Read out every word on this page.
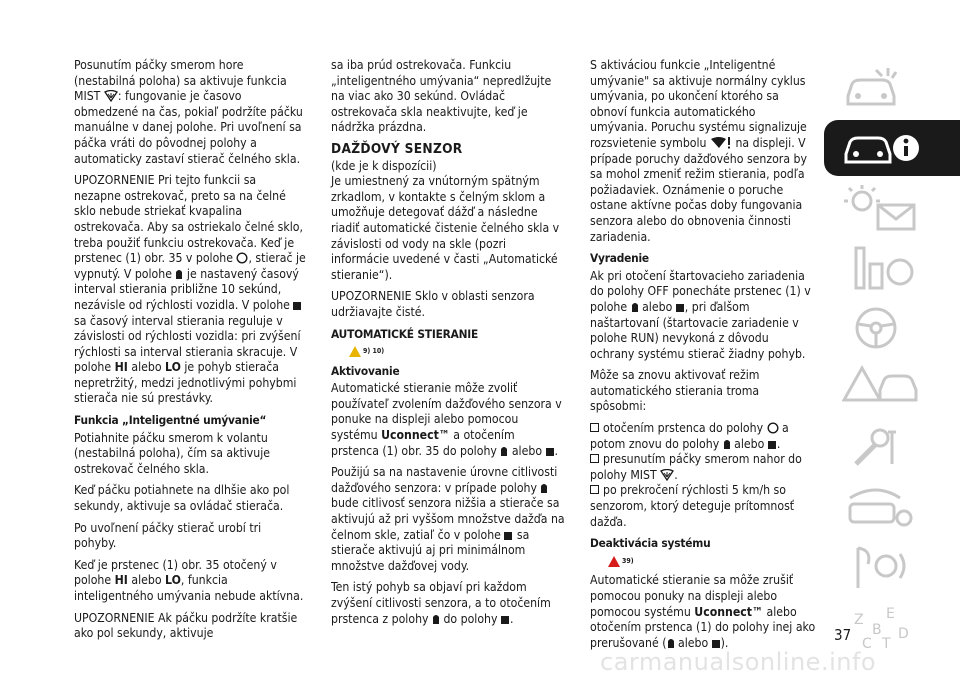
Posunutím páčky smerom hore (nestabilná poloha) sa aktivuje funkcia MIST : fungovanie je časovo obmedzené na čas, pokiaľ podržíte páčku manuálne v danej polohe. Pri uvoľnení sa páčka vráti do pôvodnej polohy a automaticky zastaví stierač čelného skla.

UPOZORNENIE Pri tejto funkcii sa nezapne ostrekovač, preto sa na čelné sklo nebude striekať kvapalina ostrekovača. Aby sa ostriekalo čelné sklo, treba použiť funkciu ostrekovača. Keď je prstenec (1) obr. 35 v polohe , stierač je vypnutý. V polohe  je nastavený časový interval stierania približne 10 sekúnd, nezávisle od rýchlosti vozidla. V polohe  sa časový interval stierania reguluje v závislosti od rýchlosti vozidla: pri zvýšení rýchlosti sa interval stierania skracuje. V polohe HI alebo LO je pohyb stierača nepretržitý, medzi jednotlivými pohybmi stierača nie sú prestávky.

Funkcia „Inteligentné umývanie“

Potiahnite páčku smerom k volantu (nestabilná poloha), čím sa aktivuje ostrekovač čelného skla.

Keď páčku potiahnete na dlhšie ako pol sekundy, aktivuje sa ovládač stierača.

Po uvoľnení páčky stierač urobí tri pohyby.

Keď je prstenec (1) obr. 35 otočený v polohe HI alebo LO, funkcia inteligentného umývania nebude aktívna.

UPOZORNENIE Ak páčku podržíte kratšie ako pol sekundy, aktivuje

sa iba prúd ostrekovača. Funkciu „inteligentného umývania“ nepredlžujte na viac ako 30 sekúnd. Ovládač ostrekovača skla neaktivujte, keď je nádržka prázdna.

DAŽĎOVÝ SENZOR

(kde je k dispozícii)

Je umiestnený za vnútorným spätným zrkadlom, v kontakte s čelným sklom a umožňuje detegovať dážď a následne riadiť automatické čistenie čelného skla v závislosti od vody na skle (pozri informácie uvedené v časti „Automatické stieranie“).

UPOZORNENIE Sklo v oblasti senzora udržiavajte čisté.

AUTOMATICKÉ STIERANIE
9) 10)
Aktivovanie

Automatické stieranie môže zvoliť používateľ zvolením dažďového senzora v ponuke na displeji alebo pomocou systému Uconnect™ a otočením prstenca (1) obr. 35 do polohy  alebo .

Použijú sa na nastavenie úrovne citlivosti dažďového senzora: v prípade polohy  bude citlivosť senzora nižšia a stierače sa aktivujú až pri vyššom množstve dažďa na čelnom skle, zatiaľ čo v polohe  sa stierače aktivujú aj pri minimálnom množstve dažďovej vody.

Ten istý pohyb sa objaví pri každom zvýšení citlivosti senzora, a to otočením prstenca z polohy  do polohy .

S aktiváciou funkcie „Inteligentné umývanie" sa aktivuje normálny cyklus umývania, po ukončení ktorého sa obnoví funkcia automatického umývania. Poruchu systému signalizuje rozsvietenie symbolu  na displeji. V prípade poruchy dažďového senzora by sa mohol zmeniť režim stierania, podľa požiadaviek. Oznámenie o poruche ostane aktívne počas doby fungovania senzora alebo do obnovenia činnosti zariadenia.

Vyradenie

Ak pri otočení štartovacieho zariadenia do polohy OFF ponecháte prstenec (1) v polohe  alebo , pri ďalšom naštartovaní (štartovacie zariadenie v polohe RUN) nevykoná z dôvodu ochrany systému stierač žiadny pohyb.

Môže sa znovu aktivovať režim automatického stierania troma spôsobmi:

otočením prstenca do polohy  a potom znovu do polohy  alebo .

presunutím páčky smerom nahor do polohy MIST .

po prekročení rýchlosti 5 km/h so senzorom, ktorý deteguje prítomnosť dažďa.

Deaktivácia systému
39)

Automatické stieranie sa môže zrušiť pomocou ponuky na displeji alebo pomocou systému Uconnect™ alebo otočením prstenca (1) do polohy inej ako prerušované ( alebo ).

Z E
B
C T
D
37
carmanualsonline.info
